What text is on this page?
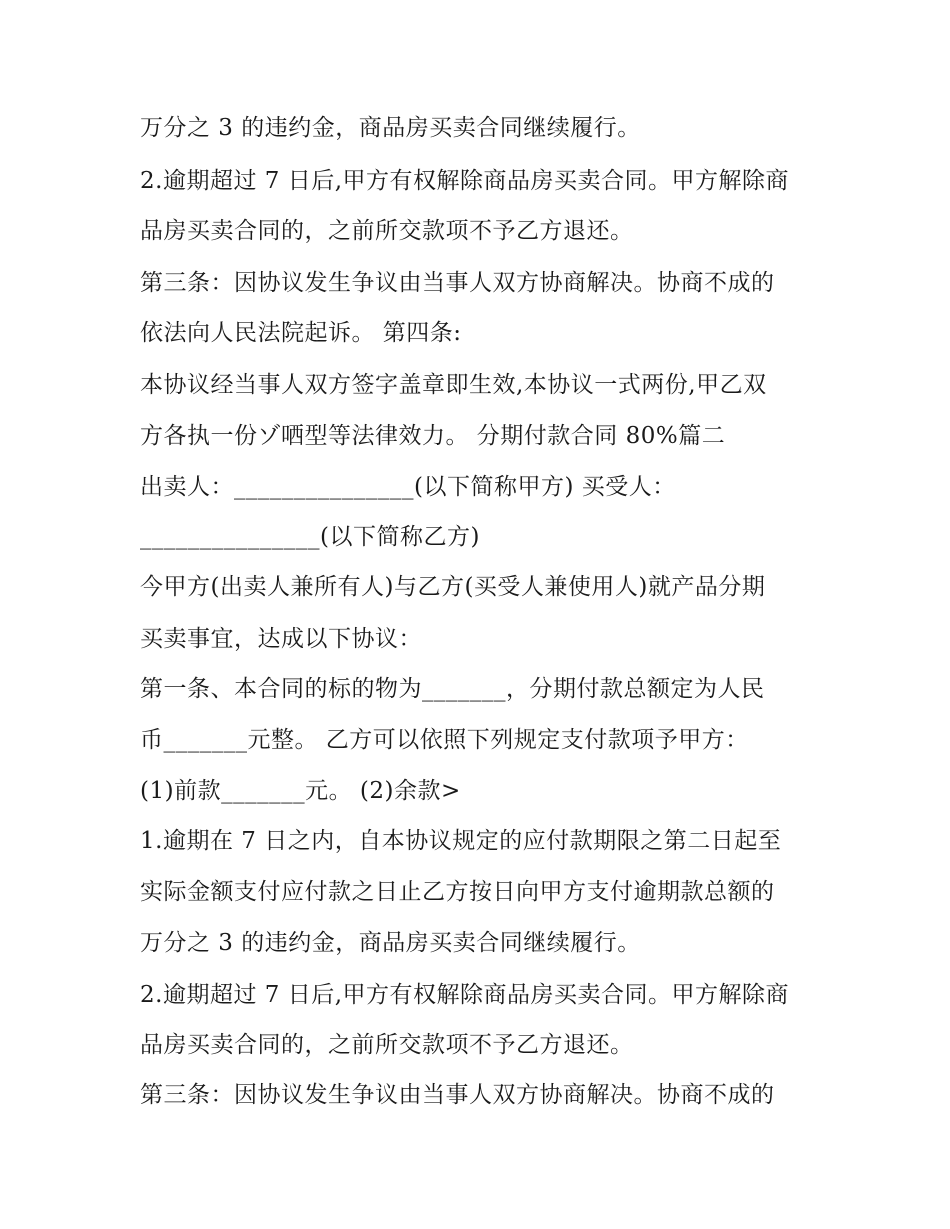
万分之 3 的违约金，商品房买卖合同继续履行。
2.逾期超过 7 日后,甲方有权解除商品房买卖合同。甲方解除商
品房买卖合同的，之前所交款项不予乙方退还。
第三条：因协议发生争议由当事人双方协商解决。协商不成的
依法向人民法院起诉。 第四条:
本协议经当事人双方签字盖章即生效,本协议一式两份,甲乙双
方各执一份ゾ哂型等法律效力。 分期付款合同 80%篇二
出卖人：_______________(以下简称甲方) 买受人：
_______________(以下简称乙方)
今甲方(出卖人兼所有人)与乙方(买受人兼使用人)就产品分期
买卖事宜，达成以下协议：
第一条、本合同的标的物为_______，分期付款总额定为人民
币_______元整。 乙方可以依照下列规定支付款项予甲方：
(1)前款_______元。 (2)余款>
1.逾期在 7 日之内，自本协议规定的应付款期限之第二日起至
实际金额支付应付款之日止乙方按日向甲方支付逾期款总额的
万分之 3 的违约金，商品房买卖合同继续履行。
2.逾期超过 7 日后,甲方有权解除商品房买卖合同。甲方解除商
品房买卖合同的，之前所交款项不予乙方退还。
第三条：因协议发生争议由当事人双方协商解决。协商不成的
